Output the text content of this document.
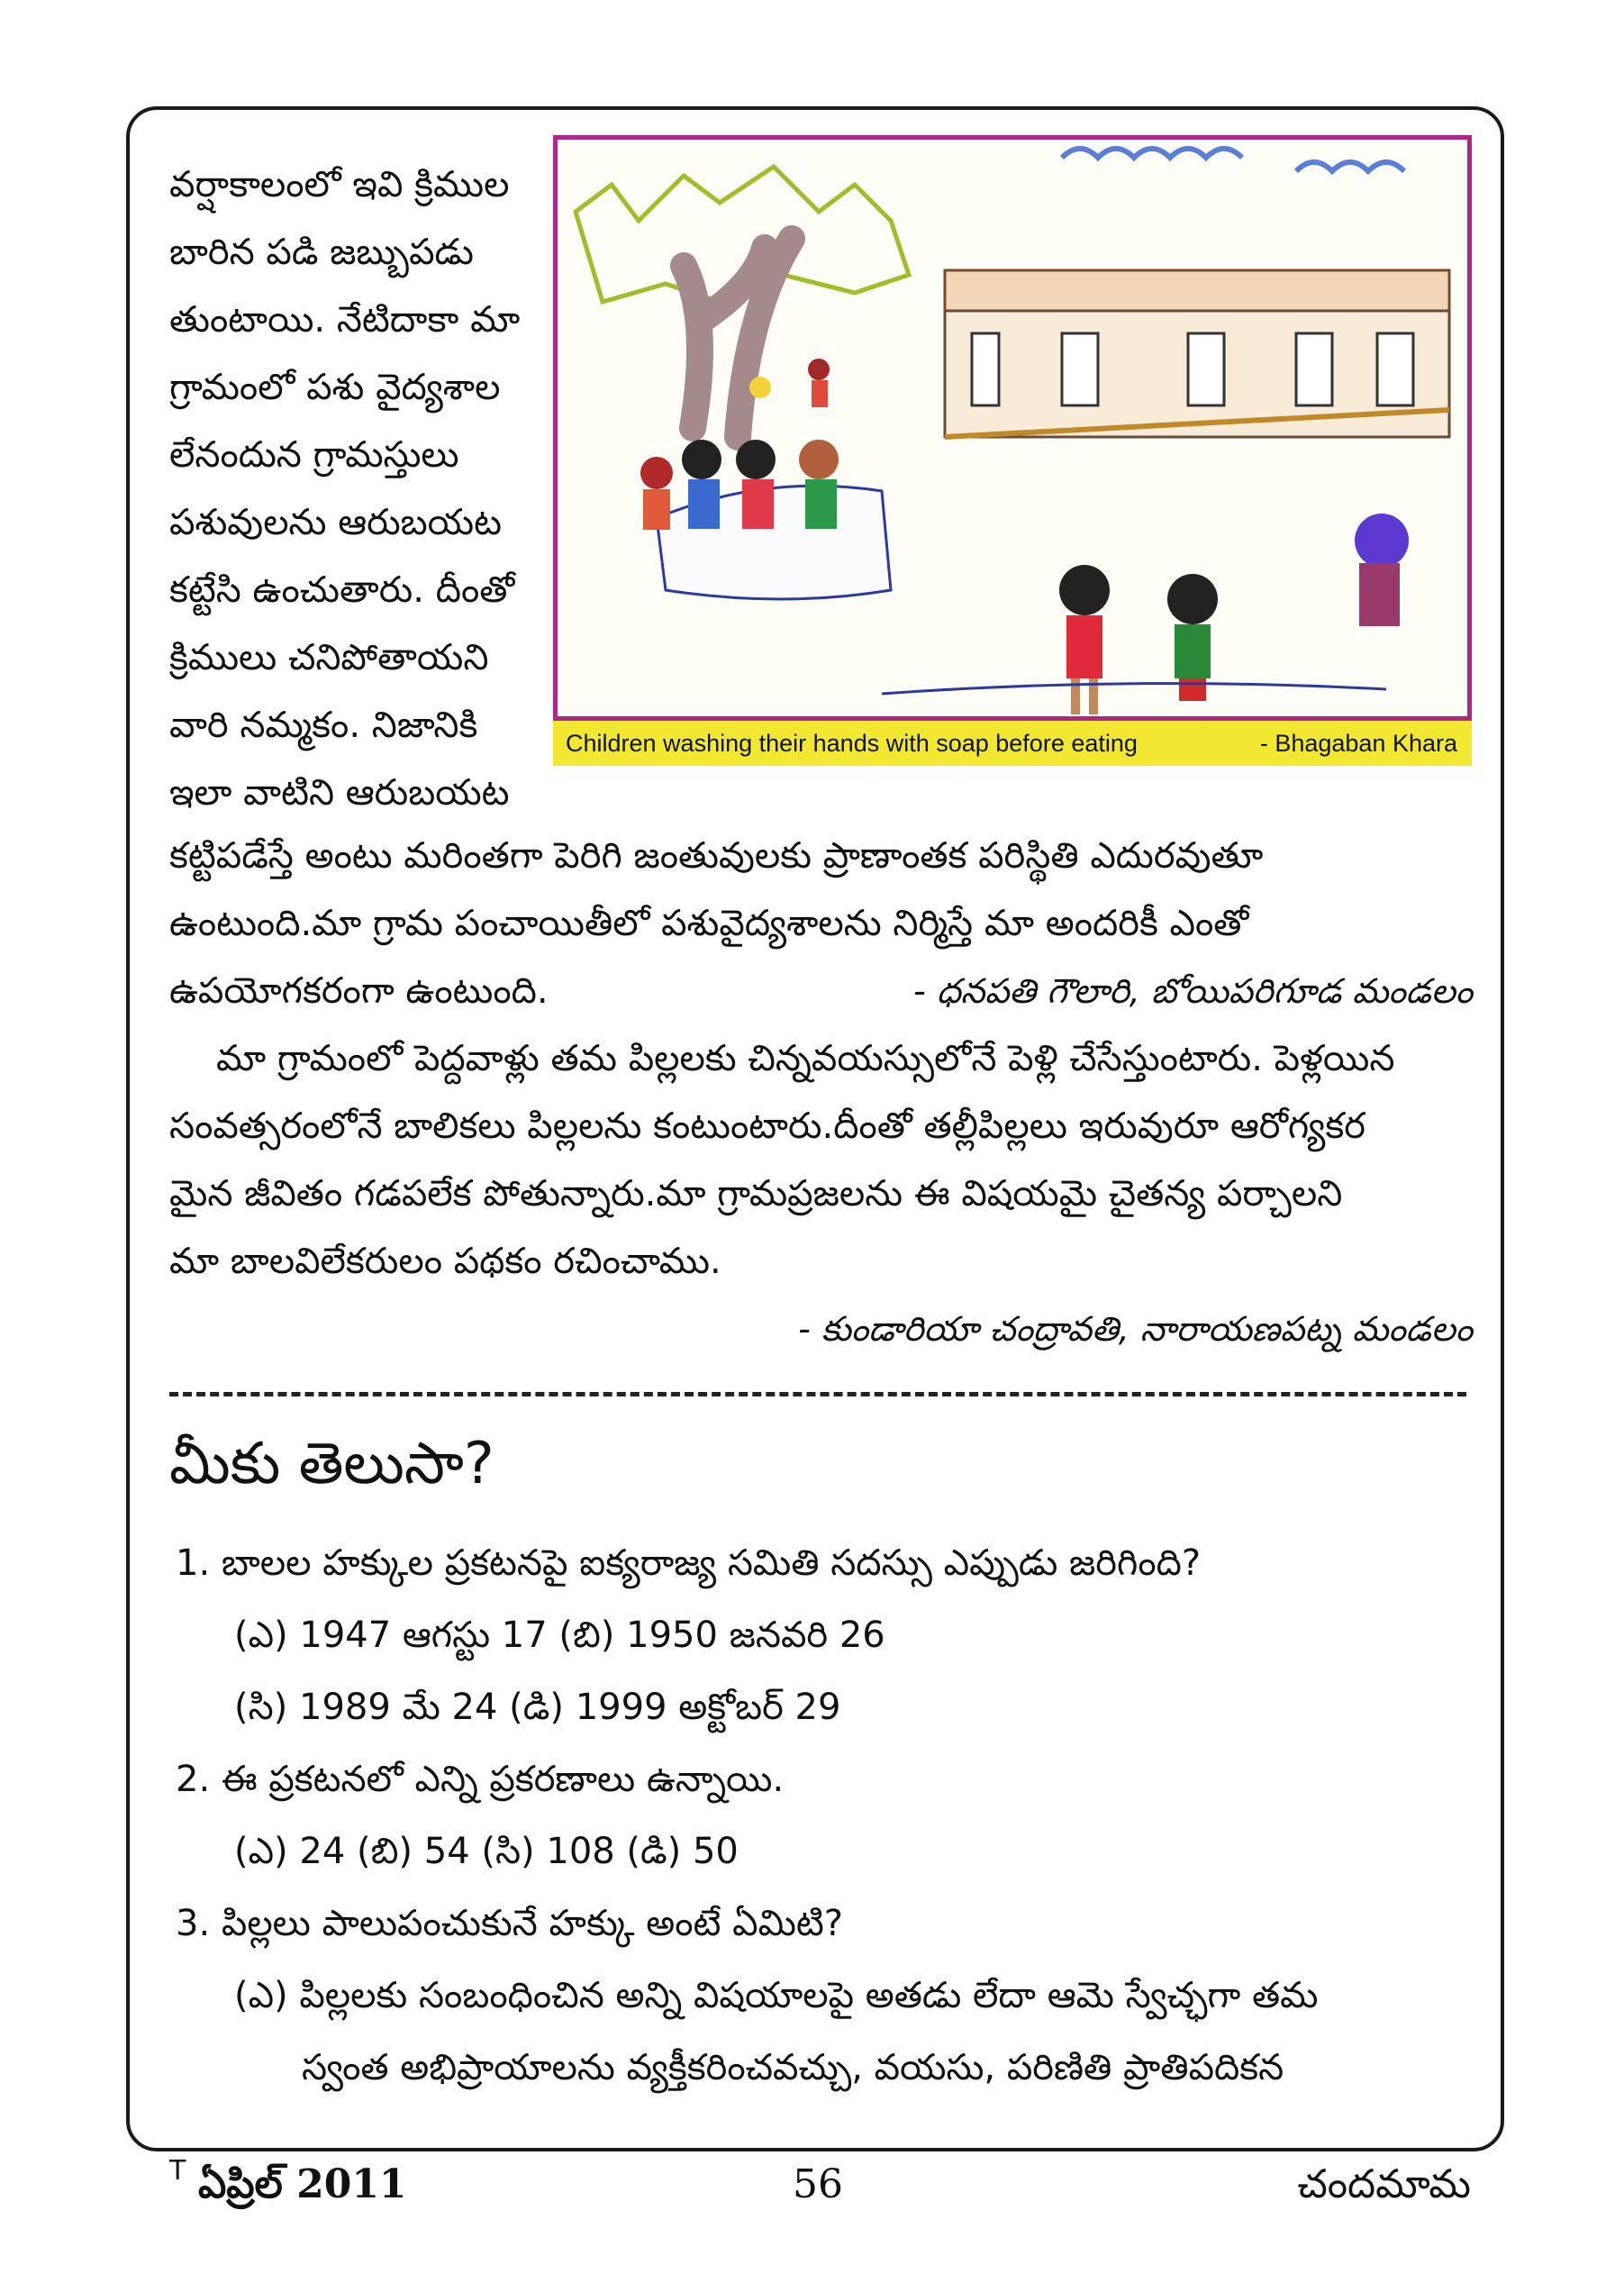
వర్షాకాలంలో ఇవి క్రిముల
బారిన పడి జబ్బుపడు
తుంటాయి. నేటిదాకా మా
గ్రామంలో పశు వైద్యశాల
లేనందున గ్రామస్తులు
పశువులను ఆరుబయట
కట్టేసి ఉంచుతారు. దీంతో
క్రిములు చనిపోతాయని
వారి నమ్మకం. నిజానికి
ఇలా వాటిని ఆరుబయట
Children washing their hands with soap before eating	- Bhagaban Khara
కట్టిపడేస్తే అంటు మరింతగా పెరిగి జంతువులకు ప్రాణాంతక పరిస్థితి ఎదురవుతూ
ఉంటుంది.మా గ్రామ పంచాయితీలో పశువైద్యశాలను నిర్మిస్తే మా అందరికీ ఎంతో
ఉపయోగకరంగా ఉంటుంది.	- ధనపతి గౌలారి, బోయిపరిగూడ మండలం
మా గ్రామంలో పెద్దవాళ్లు తమ పిల్లలకు చిన్నవయస్సులోనే పెళ్లి చేసేస్తుంటారు. పెళ్లయిన
సంవత్సరంలోనే బాలికలు పిల్లలను కంటుంటారు.దీంతో తల్లీపిల్లలు ఇరువురూ ఆరోగ్యకర
మైన జీవితం గడపలేక పోతున్నారు.మా గ్రామప్రజలను ఈ విషయమై చైతన్య పర్చాలని
మా బాలవిలేకరులం పథకం రచించాము.
- కుండారియా చంద్రావతి, నారాయణపట్న మండలం
మీకు తెలుసా?
1. బాలల హక్కుల ప్రకటనపై ఐక్యరాజ్య సమితి సదస్సు ఎప్పుడు జరిగింది?
(ఎ) 1947 ఆగస్టు 17 (బి) 1950 జనవరి 26
(సి) 1989 మే 24 (డి) 1999 అక్టోబర్ 29
2. ఈ ప్రకటనలో ఎన్ని ప్రకరణాలు ఉన్నాయి.
(ఎ) 24 (బి) 54 (సి) 108 (డి) 50
3. పిల్లలు పాలుపంచుకునే హక్కు అంటే ఏమిటి?
(ఎ) పిల్లలకు సంబంధించిన అన్ని విషయాలపై అతడు లేదా ఆమె స్వేచ్ఛగా తమ
స్వంత అభిప్రాయాలను వ్యక్తీకరించవచ్చు, వయసు, పరిణితి ప్రాతిపదికన
T ఏప్రిల్ 2011	56	చందమామ
